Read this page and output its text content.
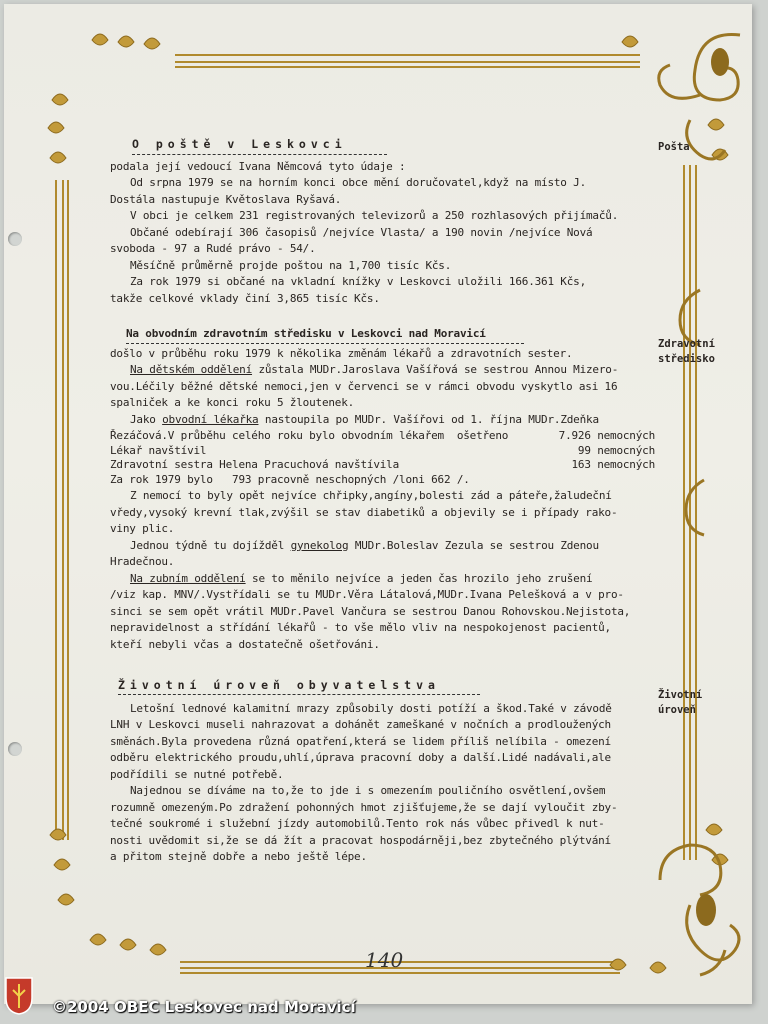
Pošta
Zdravotní
středisko
Životní
úroveň
O poště v Leskovci
podala její vedoucí Ivana Němcová tyto údaje :
Od srpna 1979 se na horním konci obce mění doručovatel,když na místo J.
Dostála nastupuje Květoslava Ryšavá.
V obci je celkem 231 registrovaných televizorů a 250 rozhlasových přijímačů.
Občané odebírají 306 časopisů /nejvíce Vlasta/ a 190 novin /nejvíce Nová
svoboda - 97 a Rudé právo - 54/.
Měsíčně průměrně projde poštou na 1,700 tisíc Kčs.
Za rok 1979 si občané na vkladní knížky v Leskovci uložili 166.361 Kčs,
takže celkové vklady činí 3,865 tisíc Kčs.
Na obvodním zdravotním středisku v Leskovci nad Moravicí
došlo v průběhu roku 1979 k několika změnám lékařů a zdravotních sester.
Na dětském oddělení zůstala MUDr.Jaroslava Vašířová se sestrou Annou Mizero-
vou.Léčily běžné dětské nemoci,jen v červenci se v rámci obvodu vyskytlo asi 16
spalniček a ke konci roku 5 žloutenek.
Jako obvodní lékařka nastoupila po MUDr. Vašířovi od 1. října MUDr.Zdeňka
Řezáčová.V průběhu celého roku bylo obvodním lékařem  ošetřeno	7.926 nemocných
Lékař navštívil	99 nemocných
Zdravotní sestra Helena Pracuchová navštívila	163 nemocných
Za rok 1979 bylo   793 pracovně neschopných /loni 662 /.
Z nemocí to byly opět nejvíce chřipky,angíny,bolesti zád a páteře,žaludeční
vředy,vysoký krevní tlak,zvýšil se stav diabetiků a objevily se i případy rako-
viny plic.
Jednou týdně tu dojížděl gynekolog MUDr.Boleslav Zezula se sestrou Zdenou
Hradečnou.
Na zubním oddělení se to měnilo nejvíce a jeden čas hrozilo jeho zrušení
/viz kap. MNV/.Vystřídali se tu MUDr.Věra Látalová,MUDr.Ivana Pelešková a v pro-
sinci se sem opět vrátil MUDr.Pavel Vančura se sestrou Danou Rohovskou.Nejistota,
nepravidelnost a střídání lékařů - to vše mělo vliv na nespokojenost pacientů,
kteří nebyli včas a dostatečně ošetřováni.
Životní úroveň obyvatelstva
Letošní lednové kalamitní mrazy způsobily dosti potíží a škod.Také v závodě
LNH v Leskovci museli nahrazovat a dohánět zameškané v nočních a prodloužených
směnách.Byla provedena různá opatření,která se lidem příliš nelíbila - omezení
odběru elektrického proudu,uhlí,úprava pracovní doby a další.Lidé nadávali,ale
podřídili se nutné potřebě.
Najednou se díváme na to,že to jde i s omezením pouličního osvětlení,ovšem
rozumně omezeným.Po zdražení pohonných hmot zjišťujeme,že se dají vyloučit zby-
tečné soukromé i služební jízdy automobilů.Tento rok nás vůbec přivedl k nut-
nosti uvědomit si,že se dá žít a pracovat hospodárněji,bez zbytečného plýtvání
a přitom stejně dobře a nebo ještě lépe.
140
©2004 OBEC Leskovec nad Moravicí
